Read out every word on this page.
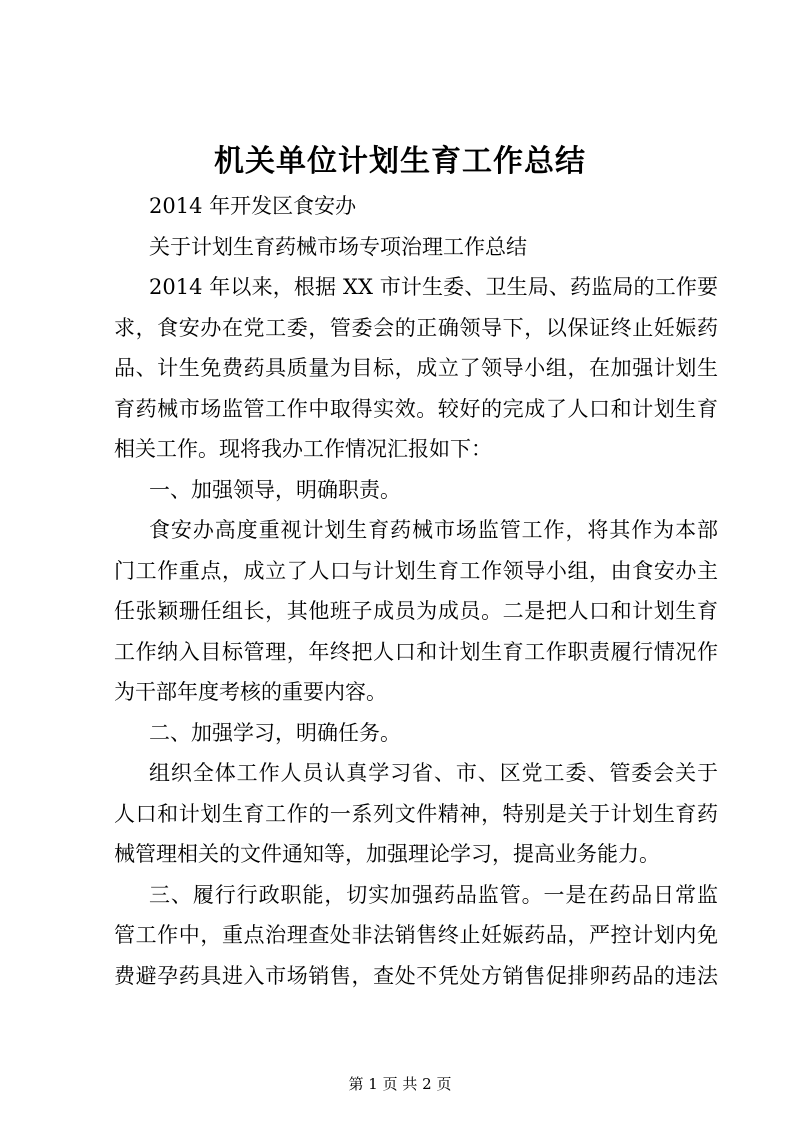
机关单位计划生育工作总结
2014 年开发区食安办
关于计划生育药械市场专项治理工作总结
2014 年以来，根据 XX 市计生委、卫生局、药监局的工作要
求，食安办在党工委，管委会的正确领导下，以保证终止妊娠药
品、计生免费药具质量为目标，成立了领导小组，在加强计划生
育药械市场监管工作中取得实效。较好的完成了人口和计划生育
相关工作。现将我办工作情况汇报如下：
一、加强领导，明确职责。
食安办高度重视计划生育药械市场监管工作，将其作为本部
门工作重点，成立了人口与计划生育工作领导小组，由食安办主
任张颖珊任组长，其他班子成员为成员。二是把人口和计划生育
工作纳入目标管理，年终把人口和计划生育工作职责履行情况作
为干部年度考核的重要内容。
二、加强学习，明确任务。
组织全体工作人员认真学习省、市、区党工委、管委会关于
人口和计划生育工作的一系列文件精神，特别是关于计划生育药
械管理相关的文件通知等，加强理论学习，提高业务能力。
三、履行行政职能，切实加强药品监管。一是在药品日常监
管工作中，重点治理查处非法销售终止妊娠药品，严控计划内免
费避孕药具进入市场销售，查处不凭处方销售促排卵药品的违法
第 1 页 共 2 页
